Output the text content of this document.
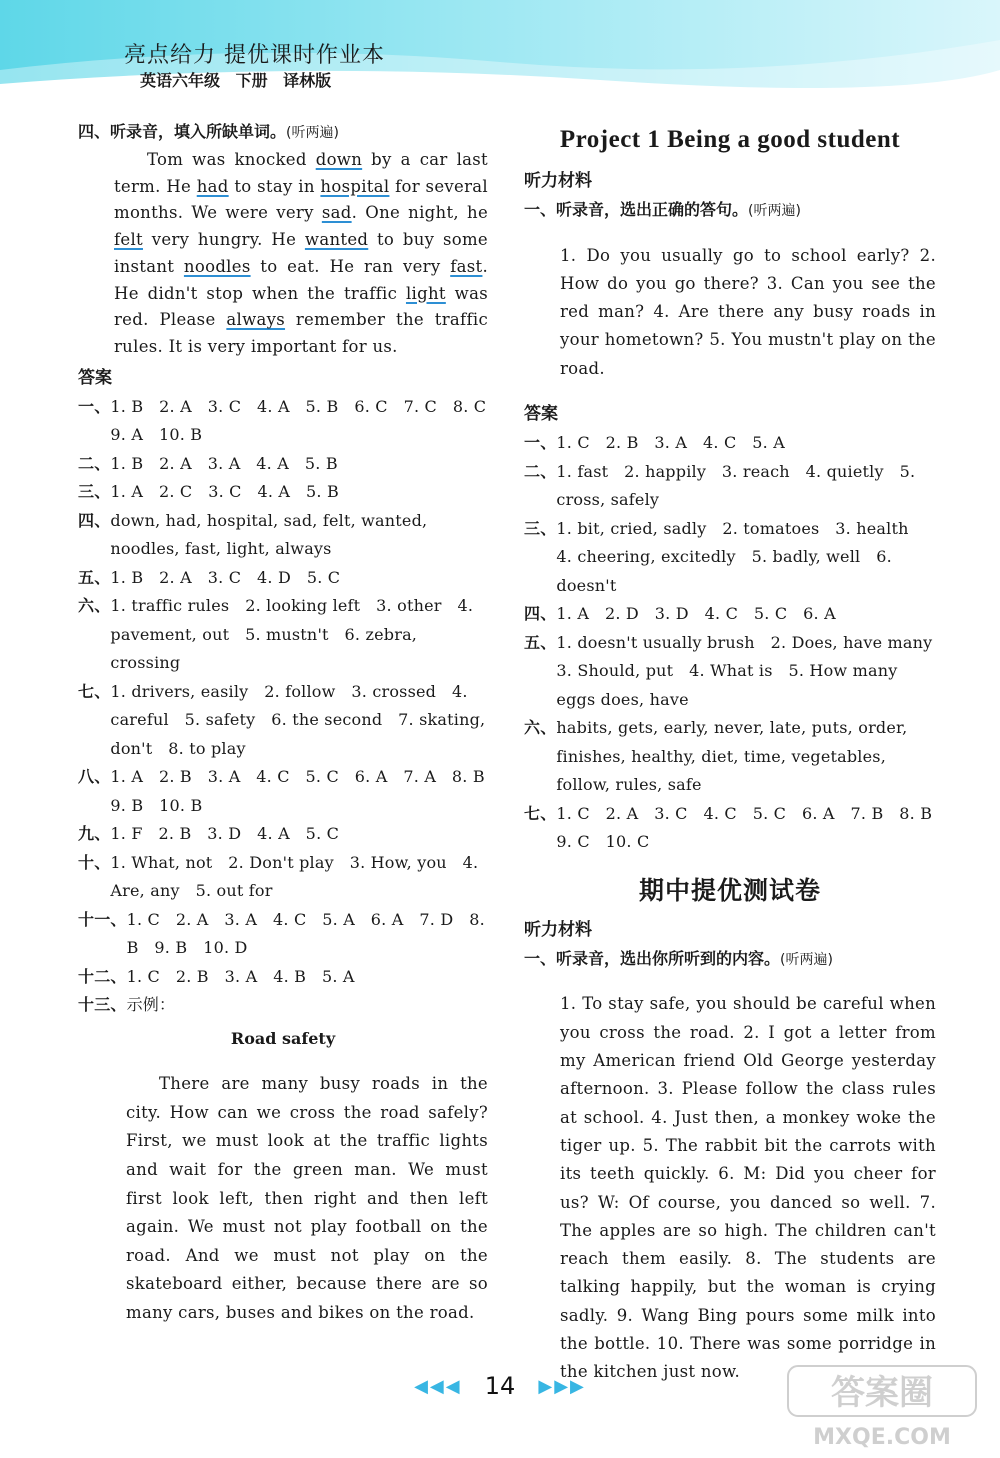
亮点给力 提优课时作业本
英语六年级 下册 译林版
四、听录音，填入所缺单词。(听两遍)

Tom was knocked down by a car last term. He had to stay in hospital for several months. We were very sad. One night, he felt very hungry. He wanted to buy some instant noodles to eat. He ran very fast. He didn't stop when the traffic light was red. Please always remember the traffic rules. It is very important for us.

答案
一、 1. B   2. A   3. C   4. A   5. B   6. C   7. C   8. C   9. A   10. B
二、 1. B   2. A   3. A   4. A   5. B
三、 1. A   2. C   3. C   4. A   5. B
四、 down, had, hospital, sad, felt, wanted, noodles, fast, light, always
五、 1. B   2. A   3. C   4. D   5. C
六、 1. traffic rules   2. looking left   3. other   4. pavement, out   5. mustn't   6. zebra, crossing
七、 1. drivers, easily   2. follow   3. crossed   4. careful   5. safety   6. the second   7. skating, don't   8. to play
八、 1. A   2. B   3. A   4. C   5. C   6. A   7. A   8. B   9. B   10. B
九、 1. F   2. B   3. D   4. A   5. C
十、 1. What, not   2. Don't play   3. How, you   4. Are, any   5. out for
十一、 1. C   2. A   3. A   4. C   5. A   6. A   7. D   8. B   9. B   10. D
十二、 1. C   2. B   3. A   4. B   5. A
十三、 示例：
Road safety

There are many busy roads in the city. How can we cross the road safely? First, we must look at the traffic lights and wait for the green man. We must first look left, then right and then left again. We must not play football on the road. And we must not play on the skateboard either, because there are so many cars, buses and bikes on the road.

Project 1 Being a good student
听力材料
一、听录音，选出正确的答句。(听两遍)

1. Do you usually go to school early? 2. How do you go there? 3. Can you see the red man? 4. Are there any busy roads in your hometown? 5. You mustn't play on the road.

答案
一、 1. C   2. B   3. A   4. C   5. A
二、 1. fast   2. happily   3. reach   4. quietly   5. cross, safely
三、 1. bit, cried, sadly   2. tomatoes   3. health   4. cheering, excitedly   5. badly, well   6. doesn't
四、 1. A   2. D   3. D   4. C   5. C   6. A
五、 1. doesn't usually brush   2. Does, have many   3. Should, put   4. What is   5. How many eggs does, have
六、 habits, gets, early, never, late, puts, order, finishes, healthy, diet, time, vegetables, follow, rules, safe
七、 1. C   2. A   3. C   4. C   5. C   6. A   7. B   8. B   9. C   10. C
期中提优测试卷
听力材料
一、听录音，选出你所听到的内容。(听两遍)

1. To stay safe, you should be careful when you cross the road. 2. I got a letter from my American friend Old George yesterday afternoon. 3. Please follow the class rules at school. 4. Just then, a monkey woke the tiger up. 5. The rabbit bit the carrots with its teeth quickly. 6. M: Did you cheer for us? W: Of course, you danced so well. 7. The apples are so high. The children can't reach them easily. 8. The students are talking happily, but the woman is crying sadly. 9. Wang Bing pours some milk into the bottle. 10. There was some porridge in the kitchen just now.

◀◀◀ 14 ▶▶▶	答案圈
MXQE.COM
